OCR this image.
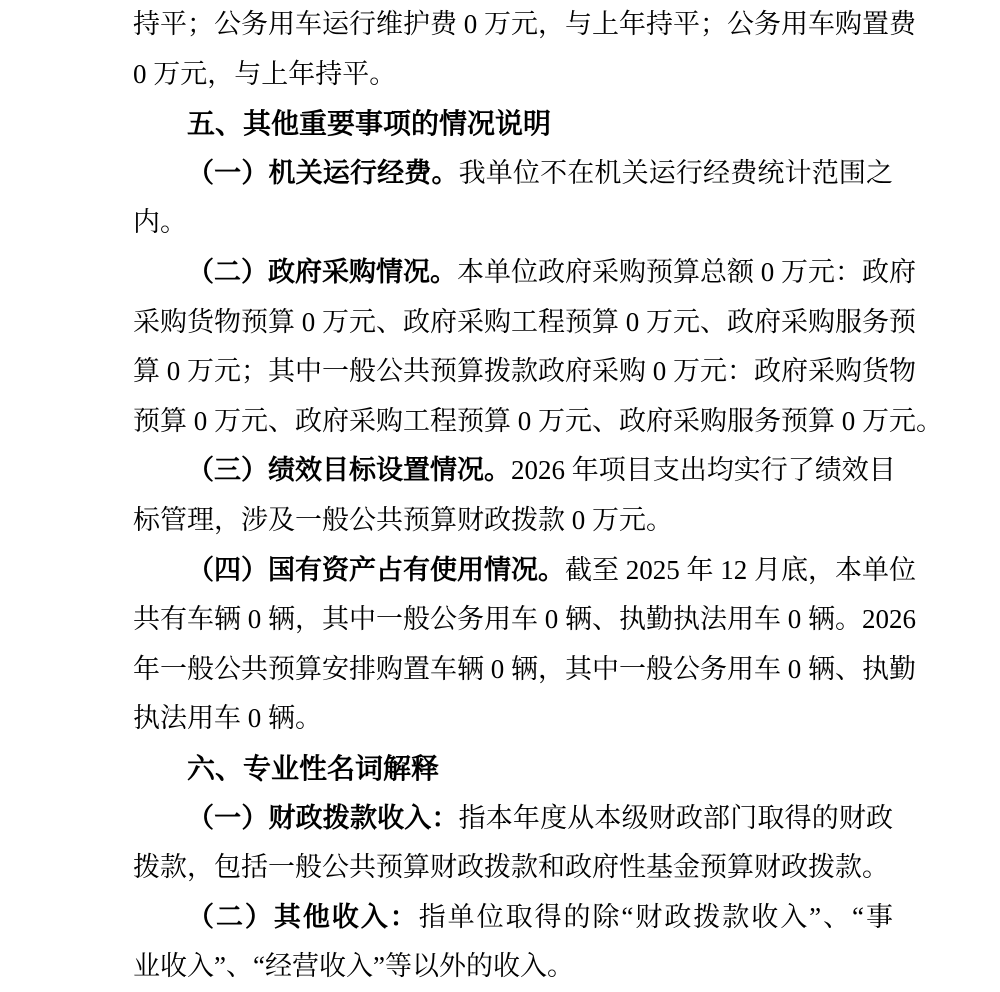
持平；公务用车运行维护费 0 万元，与上年持平；公务用车购置费
0 万元，与上年持平。
五、其他重要事项的情况说明
（一）机关运行经费。我单位不在机关运行经费统计范围之
内。
（二）政府采购情况。本单位政府采购预算总额 0 万元：政府
采购货物预算 0 万元、政府采购工程预算 0 万元、政府采购服务预
算 0 万元；其中一般公共预算拨款政府采购 0 万元：政府采购货物
预算 0 万元、政府采购工程预算 0 万元、政府采购服务预算 0 万元。
（三）绩效目标设置情况。2026 年项目支出均实行了绩效目
标管理，涉及一般公共预算财政拨款 0 万元。
（四）国有资产占有使用情况。截至 2025 年 12 月底，本单位
共有车辆 0 辆，其中一般公务用车 0 辆、执勤执法用车 0 辆。2026
年一般公共预算安排购置车辆 0 辆，其中一般公务用车 0 辆、执勤
执法用车 0 辆。
六、专业性名词解释
（一）财政拨款收入：指本年度从本级财政部门取得的财政
拨款，包括一般公共预算财政拨款和政府性基金预算财政拨款。
（二）其他收入：指单位取得的除“财政拨款收入”、“事
业收入”、“经营收入”等以外的收入。
